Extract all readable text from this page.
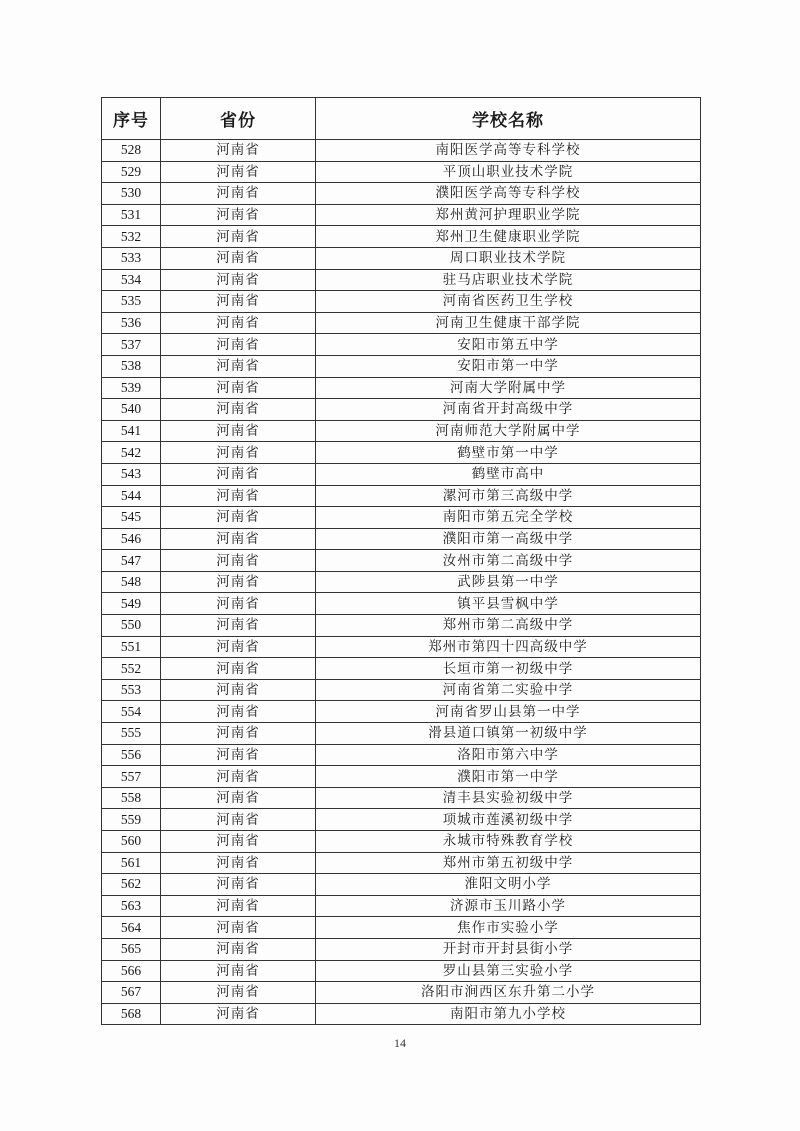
序号	省份	学校名称
528	河南省	南阳医学高等专科学校
529	河南省	平顶山职业技术学院
530	河南省	濮阳医学高等专科学校
531	河南省	郑州黄河护理职业学院
532	河南省	郑州卫生健康职业学院
533	河南省	周口职业技术学院
534	河南省	驻马店职业技术学院
535	河南省	河南省医药卫生学校
536	河南省	河南卫生健康干部学院
537	河南省	安阳市第五中学
538	河南省	安阳市第一中学
539	河南省	河南大学附属中学
540	河南省	河南省开封高级中学
541	河南省	河南师范大学附属中学
542	河南省	鹤壁市第一中学
543	河南省	鹤壁市高中
544	河南省	漯河市第三高级中学
545	河南省	南阳市第五完全学校
546	河南省	濮阳市第一高级中学
547	河南省	汝州市第二高级中学
548	河南省	武陟县第一中学
549	河南省	镇平县雪枫中学
550	河南省	郑州市第二高级中学
551	河南省	郑州市第四十四高级中学
552	河南省	长垣市第一初级中学
553	河南省	河南省第二实验中学
554	河南省	河南省罗山县第一中学
555	河南省	滑县道口镇第一初级中学
556	河南省	洛阳市第六中学
557	河南省	濮阳市第一中学
558	河南省	清丰县实验初级中学
559	河南省	项城市莲溪初级中学
560	河南省	永城市特殊教育学校
561	河南省	郑州市第五初级中学
562	河南省	淮阳文明小学
563	河南省	济源市玉川路小学
564	河南省	焦作市实验小学
565	河南省	开封市开封县街小学
566	河南省	罗山县第三实验小学
567	河南省	洛阳市涧西区东升第二小学
568	河南省	南阳市第九小学校
14
